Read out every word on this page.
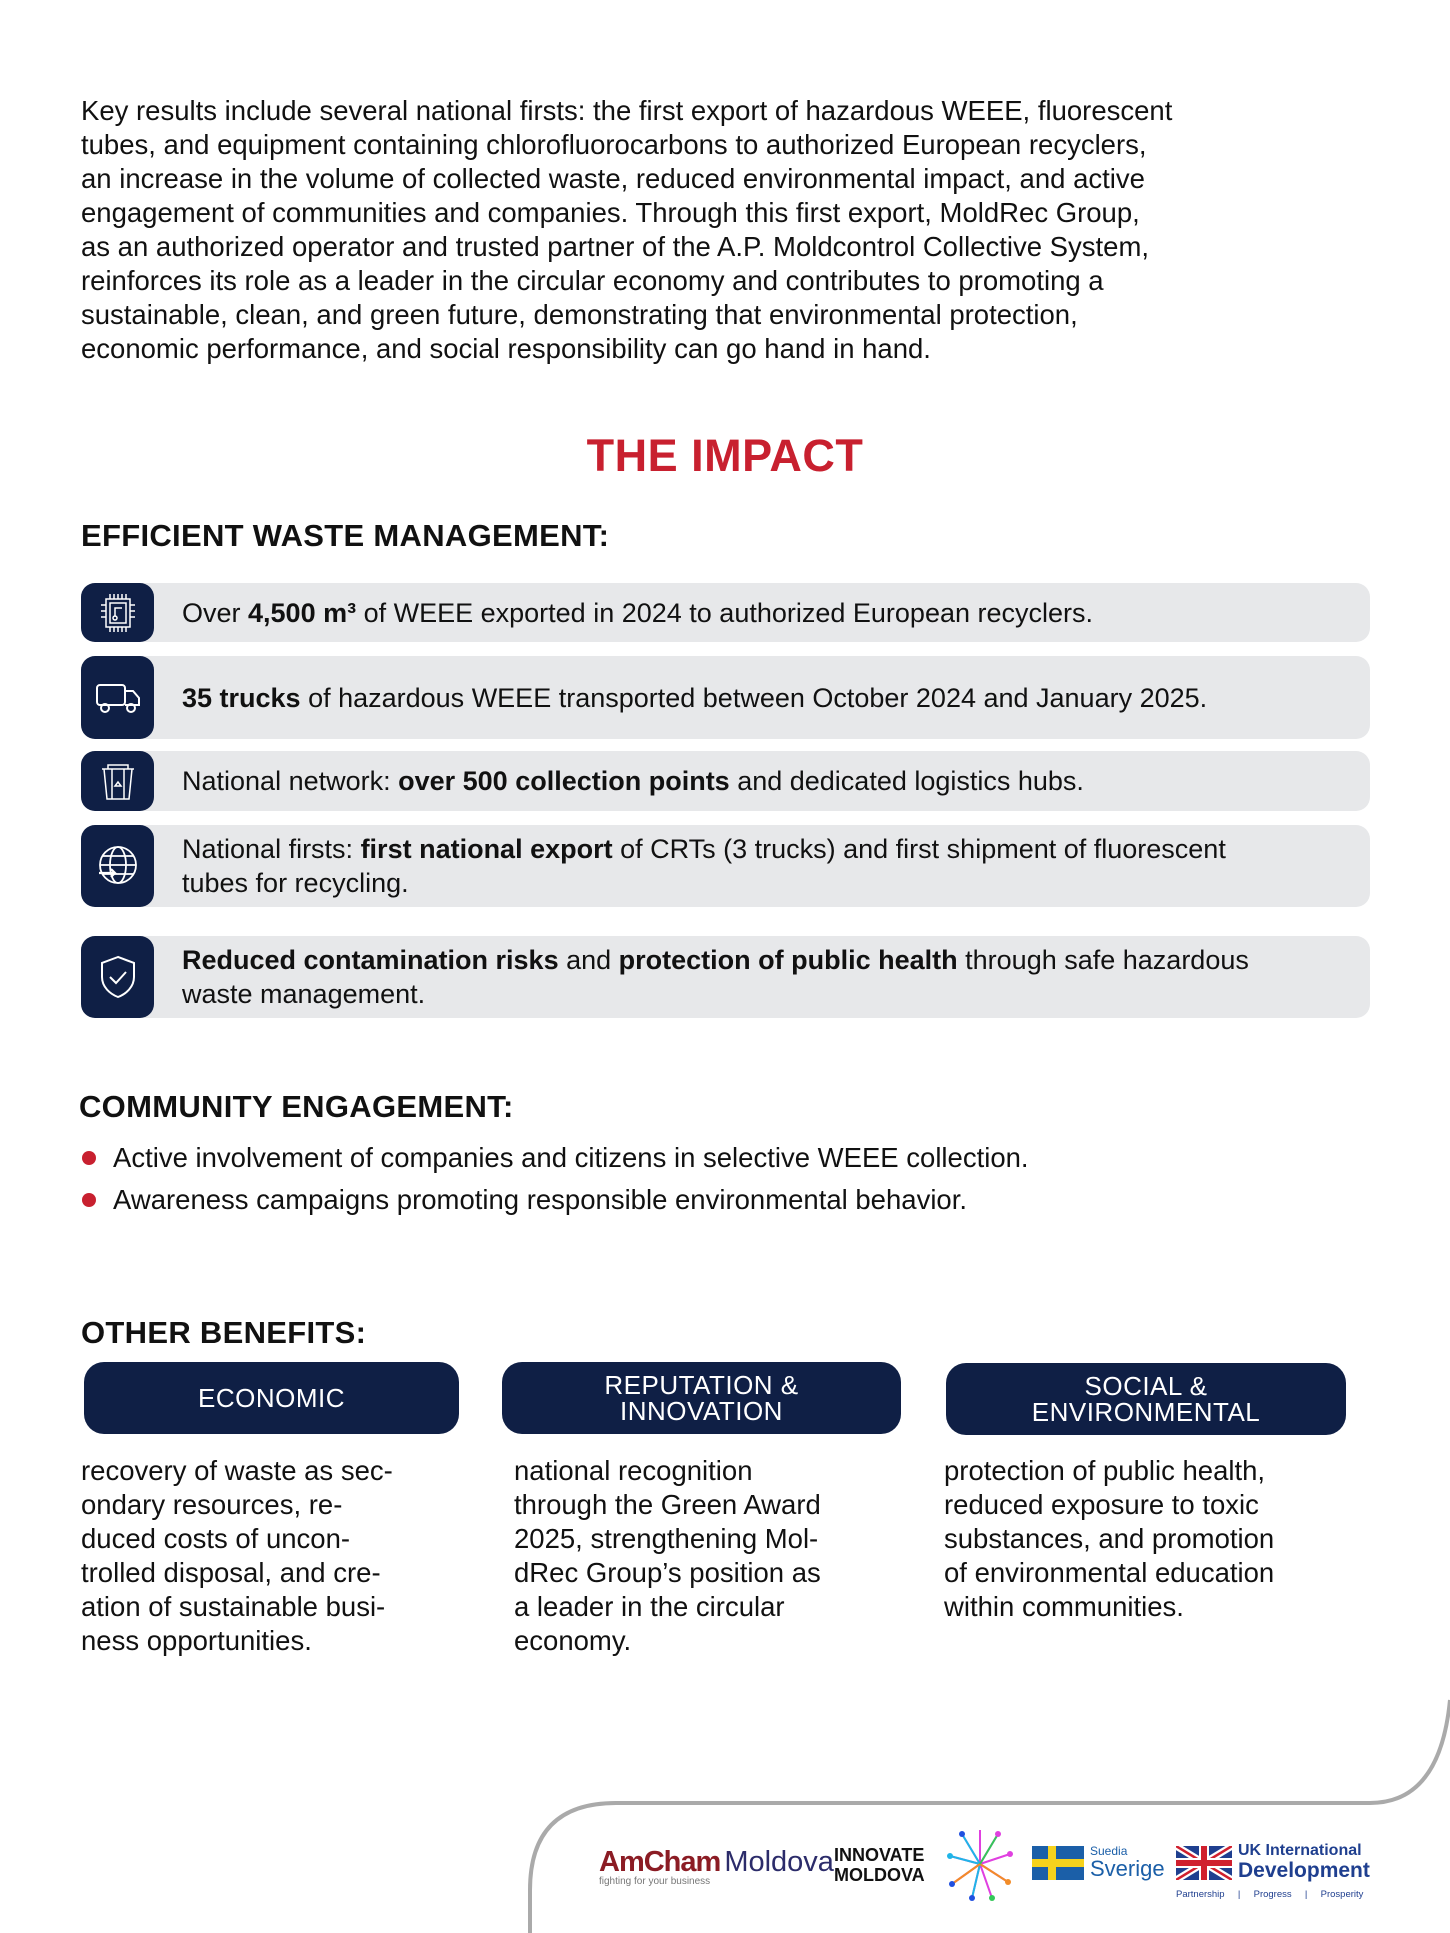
Key results include several national firsts: the first export of hazardous WEEE, fluorescent
tubes, and equipment containing chlorofluorocarbons to authorized European recyclers,
an increase in the volume of collected waste, reduced environmental impact, and active
engagement of communities and companies. Through this first export, MoldRec Group,
as an authorized operator and trusted partner of the A.P. Moldcontrol Collective System,
reinforces its role as a leader in the circular economy and contributes to promoting a
sustainable, clean, and green future, demonstrating that environmental protection,
economic performance, and social responsibility can go hand in hand.
THE IMPACT
EFFICIENT WASTE MANAGEMENT:
Over 4,500 m³ of WEEE exported in 2024 to authorized European recyclers.
35 trucks of hazardous WEEE transported between October 2024 and January 2025.
National network: over 500 collection points and dedicated logistics hubs.
National firsts: first national export of CRTs (3 trucks) and first shipment of fluorescent tubes for recycling.
Reduced contamination risks and protection of public health through safe hazardous waste management.
COMMUNITY ENGAGEMENT:
Active involvement of companies and citizens in selective WEEE collection.
Awareness campaigns promoting responsible environmental behavior.
OTHER BENEFITS:
ECONOMIC	REPUTATION & INNOVATION
SOCIAL & ENVIRONMENTAL
recovery of waste as sec-
ondary resources, re-
duced costs of uncon-
trolled disposal, and cre-
ation of sustainable busi-
ness opportunities.
national recognition
through the Green Award
2025, strengthening Mol-
dRec Group’s position as
a leader in the circular
economy.
protection of public health,
reduced exposure to toxic
substances, and promotion
of environmental education
within communities.
AmCham Moldova
fighting for your business
INNOVATE
MOLDOVA
Suedia
Sverige
UK International
Development
Partnership  |  Progress  |  Prosperity
